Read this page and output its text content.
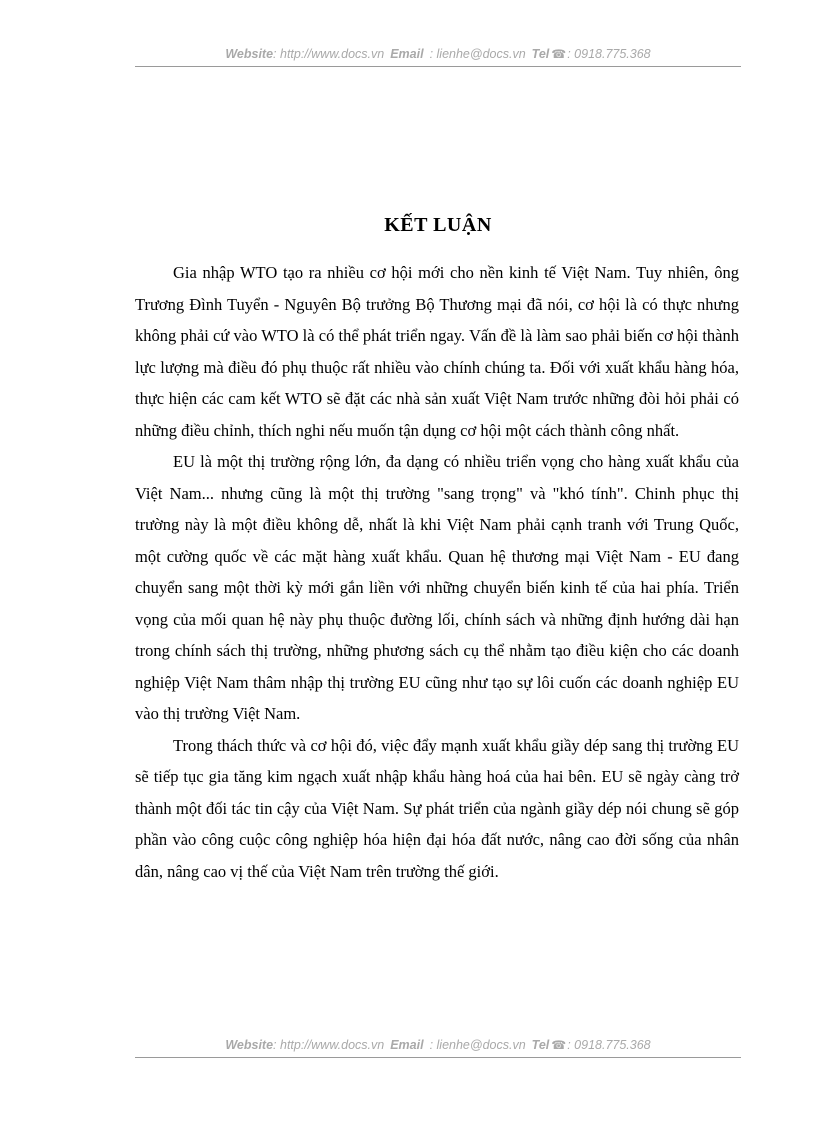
Website: http://www.docs.vn Email : lienhe@docs.vn Tel ☎: 0918.775.368
KẾT LUẬN

Gia nhập WTO tạo ra nhiều cơ hội mới cho nền kinh tế Việt Nam. Tuy nhiên, ông Trương Đình Tuyển - Nguyên Bộ trưởng Bộ Thương mại đã nói, cơ hội là có thực nhưng không phải cứ vào WTO là có thể phát triển ngay. Vấn đề là làm sao phải biến cơ hội thành lực lượng mà điều đó phụ thuộc rất nhiều vào chính chúng ta. Đối với xuất khẩu hàng hóa, thực hiện các cam kết WTO sẽ đặt các nhà sản xuất Việt Nam trước những đòi hỏi phải có những điều chỉnh, thích nghi nếu muốn tận dụng cơ hội một cách thành công nhất.

EU là một thị trường rộng lớn, đa dạng có nhiều triển vọng cho hàng xuất khẩu của Việt Nam... nhưng cũng là một thị trường "sang trọng" và "khó tính". Chinh phục thị trường này là một điều không dễ, nhất là khi Việt Nam phải cạnh tranh với Trung Quốc, một cường quốc về các mặt hàng xuất khẩu. Quan hệ thương mại Việt Nam - EU đang chuyển sang một thời kỳ mới gắn liền với những chuyển biến kinh tế của hai phía. Triển vọng của mối quan hệ này phụ thuộc đường lối, chính sách và những định hướng dài hạn trong chính sách thị trường, những phương sách cụ thể nhằm tạo điều kiện cho các doanh nghiệp Việt Nam thâm nhập thị trường EU cũng như tạo sự lôi cuốn các doanh nghiệp EU vào thị trường Việt Nam.

Trong thách thức và cơ hội đó, việc đẩy mạnh xuất khẩu giầy dép sang thị trường EU sẽ tiếp tục gia tăng kim ngạch xuất nhập khẩu hàng hoá của hai bên. EU sẽ ngày càng trở thành một đối tác tin cậy của Việt Nam. Sự phát triển của ngành giầy dép nói chung sẽ góp phần vào công cuộc công nghiệp hóa hiện đại hóa đất nước, nâng cao đời sống của nhân dân, nâng cao vị thế của Việt Nam trên trường thế giới.

Website: http://www.docs.vn Email : lienhe@docs.vn Tel ☎: 0918.775.368
